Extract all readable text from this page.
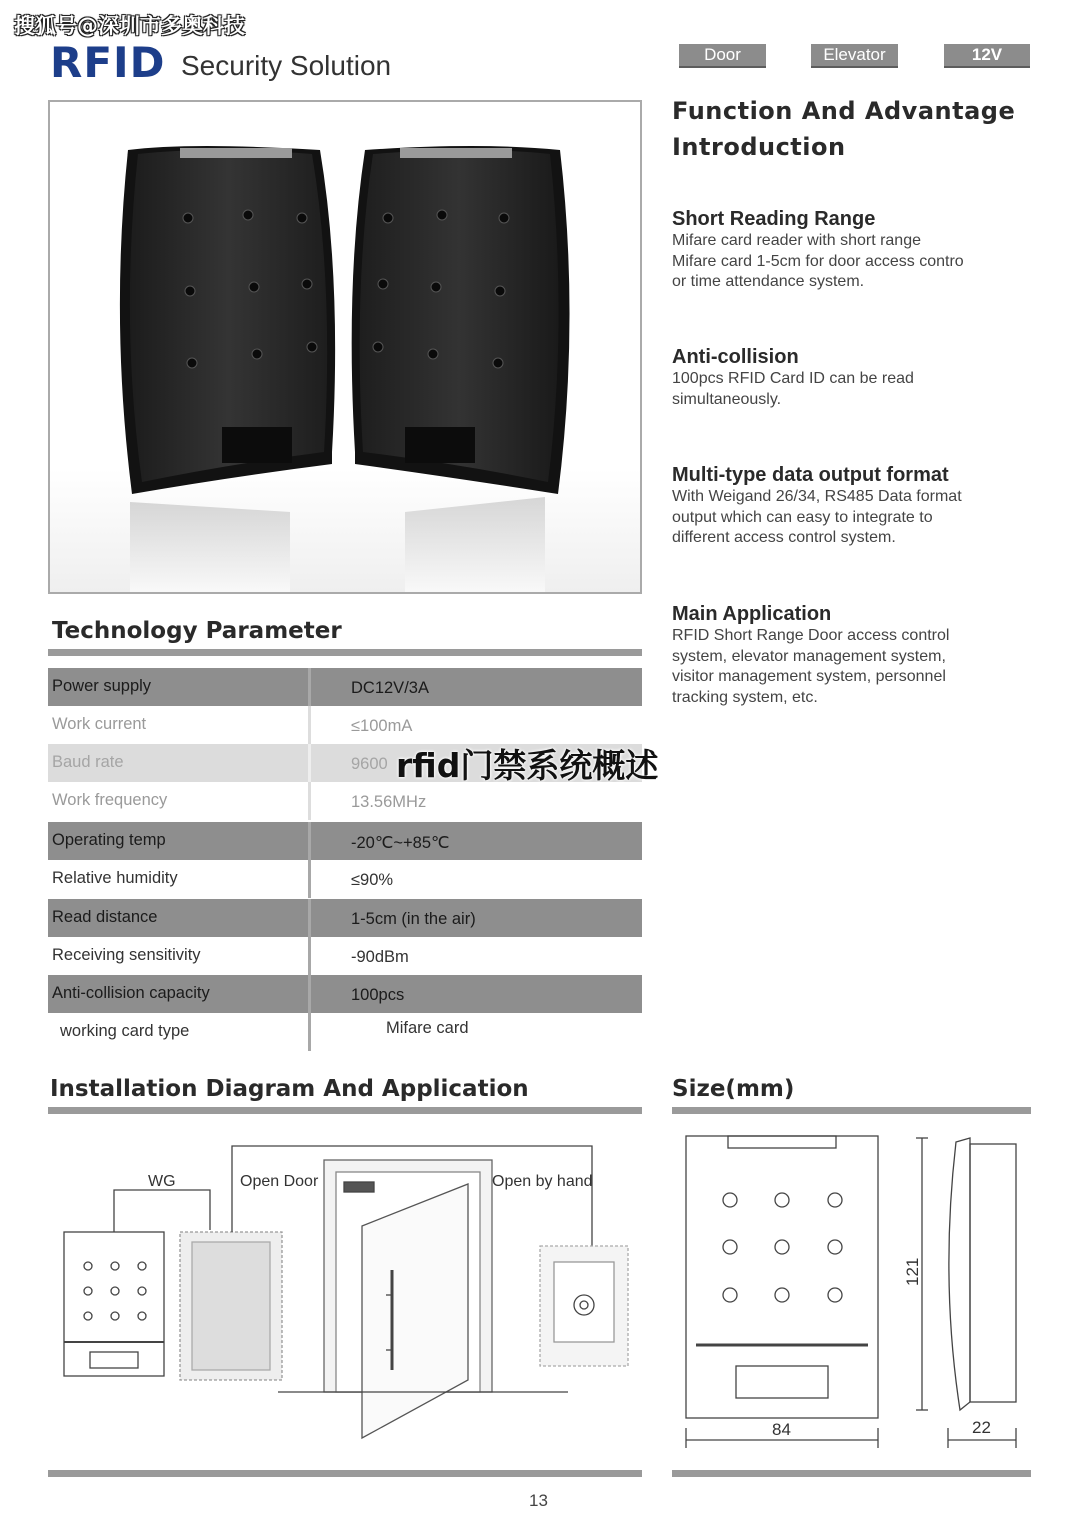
搜狐号@深圳市多奥科技
RFID Security Solution	Door	Elevator	12V
Function And Advantage
Introduction
Short Reading Range
Mifare card reader with short range
Mifare card 1-5cm for door access contro
or time attendance system.
Anti-collision
100pcs RFID Card ID can be read
simultaneously.
Multi-type data output format
With Weigand 26/34, RS485 Data format
output which can easy to integrate to
different access control system.
Main Application
RFID Short Range Door access control
system, elevator management system,
visitor management system, personnel
tracking system, etc.
Technology Parameter
Power supply	DC12V/3A
Work current	≤100mA
Baud rate	9600
Work frequency	13.56MHz
Operating temp	-20℃~+85℃
Relative humidity	≤90%
Read distance	1-5cm (in the air)
Receiving sensitivity	-90dBm
Anti-collision capacity	100pcs
working card type	Mifare card
rfid门禁系统概述
Installation Diagram And Application
WG	Open Door	Open by hand
Size(mm)
121
84	22
13
